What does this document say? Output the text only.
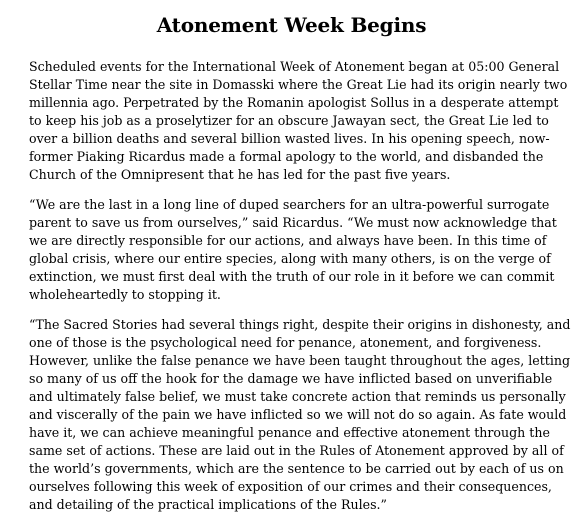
Atonement Week Begins

Scheduled events for the International Week of Atonement began at 05:00 General
Stellar Time near the site in Domasski where the Great Lie had its origin nearly two
millennia ago. Perpetrated by the Romanin apologist Sollus in a desperate attempt
to keep his job as a proselytizer for an obscure Jawayan sect, the Great Lie led to
over a billion deaths and several billion wasted lives. In his opening speech, now-
former Piaking Ricardus made a formal apology to the world, and disbanded the
Church of the Omnipresent that he has led for the past five years.

“We are the last in a long line of duped searchers for an ultra-powerful surrogate
parent to save us from ourselves,” said Ricardus. “We must now acknowledge that
we are directly responsible for our actions, and always have been. In this time of
global crisis, where our entire species, along with many others, is on the verge of
extinction, we must first deal with the truth of our role in it before we can commit
wholeheartedly to stopping it.

“The Sacred Stories had several things right, despite their origins in dishonesty, and
one of those is the psychological need for penance, atonement, and forgiveness.
However, unlike the false penance we have been taught throughout the ages, letting
so many of us off the hook for the damage we have inflicted based on unverifiable
and ultimately false belief, we must take concrete action that reminds us personally
and viscerally of the pain we have inflicted so we will not do so again. As fate would
have it, we can achieve meaningful penance and effective atonement through the
same set of actions. These are laid out in the Rules of Atonement approved by all of
the world’s governments, which are the sentence to be carried out by each of us on
ourselves following this week of exposition of our crimes and their consequences,
and detailing of the practical implications of the Rules.”
